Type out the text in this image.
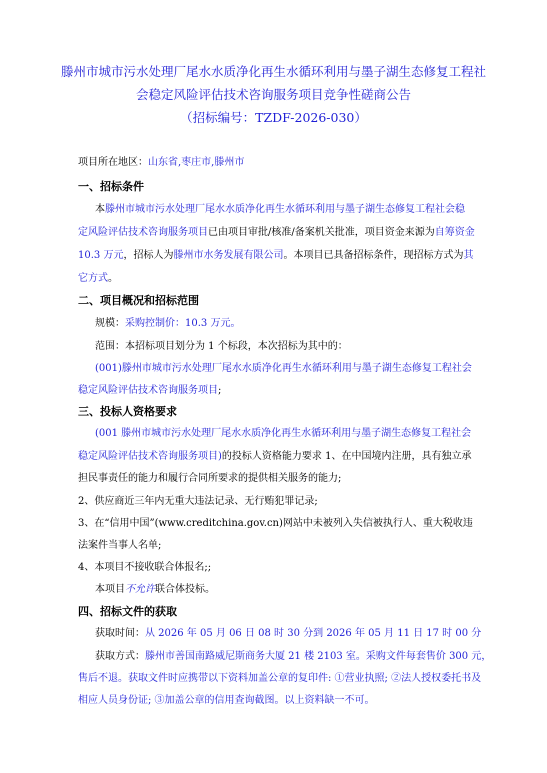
滕州市城市污水处理厂尾水水质净化再生水循环利用与墨子湖生态修复工程社
会稳定风险评估技术咨询服务项目竞争性磋商公告
（招标编号：TZDF-2026-030）
项目所在地区：山东省,枣庄市,滕州市
一、招标条件
本滕州市城市污水处理厂尾水水质净化再生水循环利用与墨子湖生态修复工程社会稳
定风险评估技术咨询服务项目已由项目审批/核准/备案机关批准，项目资金来源为自筹资金
10.3 万元，招标人为滕州市水务发展有限公司。本项目已具备招标条件，现招标方式为其
它方式。
二、项目概况和招标范围
规模：采购控制价：10.3 万元。
范围：本招标项目划分为 1 个标段，本次招标为其中的：
(001)滕州市城市污水处理厂尾水水质净化再生水循环利用与墨子湖生态修复工程社会
稳定风险评估技术咨询服务项目;
三、投标人资格要求
(001 滕州市城市污水处理厂尾水水质净化再生水循环利用与墨子湖生态修复工程社会
稳定风险评估技术咨询服务项目)的投标人资格能力要求 1、在中国境内注册，具有独立承
担民事责任的能力和履行合同所要求的提供相关服务的能力;
2、供应商近三年内无重大违法记录、无行贿犯罪记录;
3、在“信用中国”(www.creditchina.gov.cn)网站中未被列入失信被执行人、重大税收违
法案件当事人名单;
4、本项目不接收联合体报名;;
本项目不允许联合体投标。
四、招标文件的获取
获取时间：从 2026 年 05 月 06 日 08 时 30 分到 2026 年 05 月 11 日 17 时 00 分
获取方式：滕州市善国南路威尼斯商务大厦 21 楼 2103 室。采购文件每套售价 300 元，
售后不退。获取文件时应携带以下资料加盖公章的复印件: ①营业执照; ②法人授权委托书及
相应人员身份证; ③加盖公章的信用查询截图。以上资料缺一不可。
